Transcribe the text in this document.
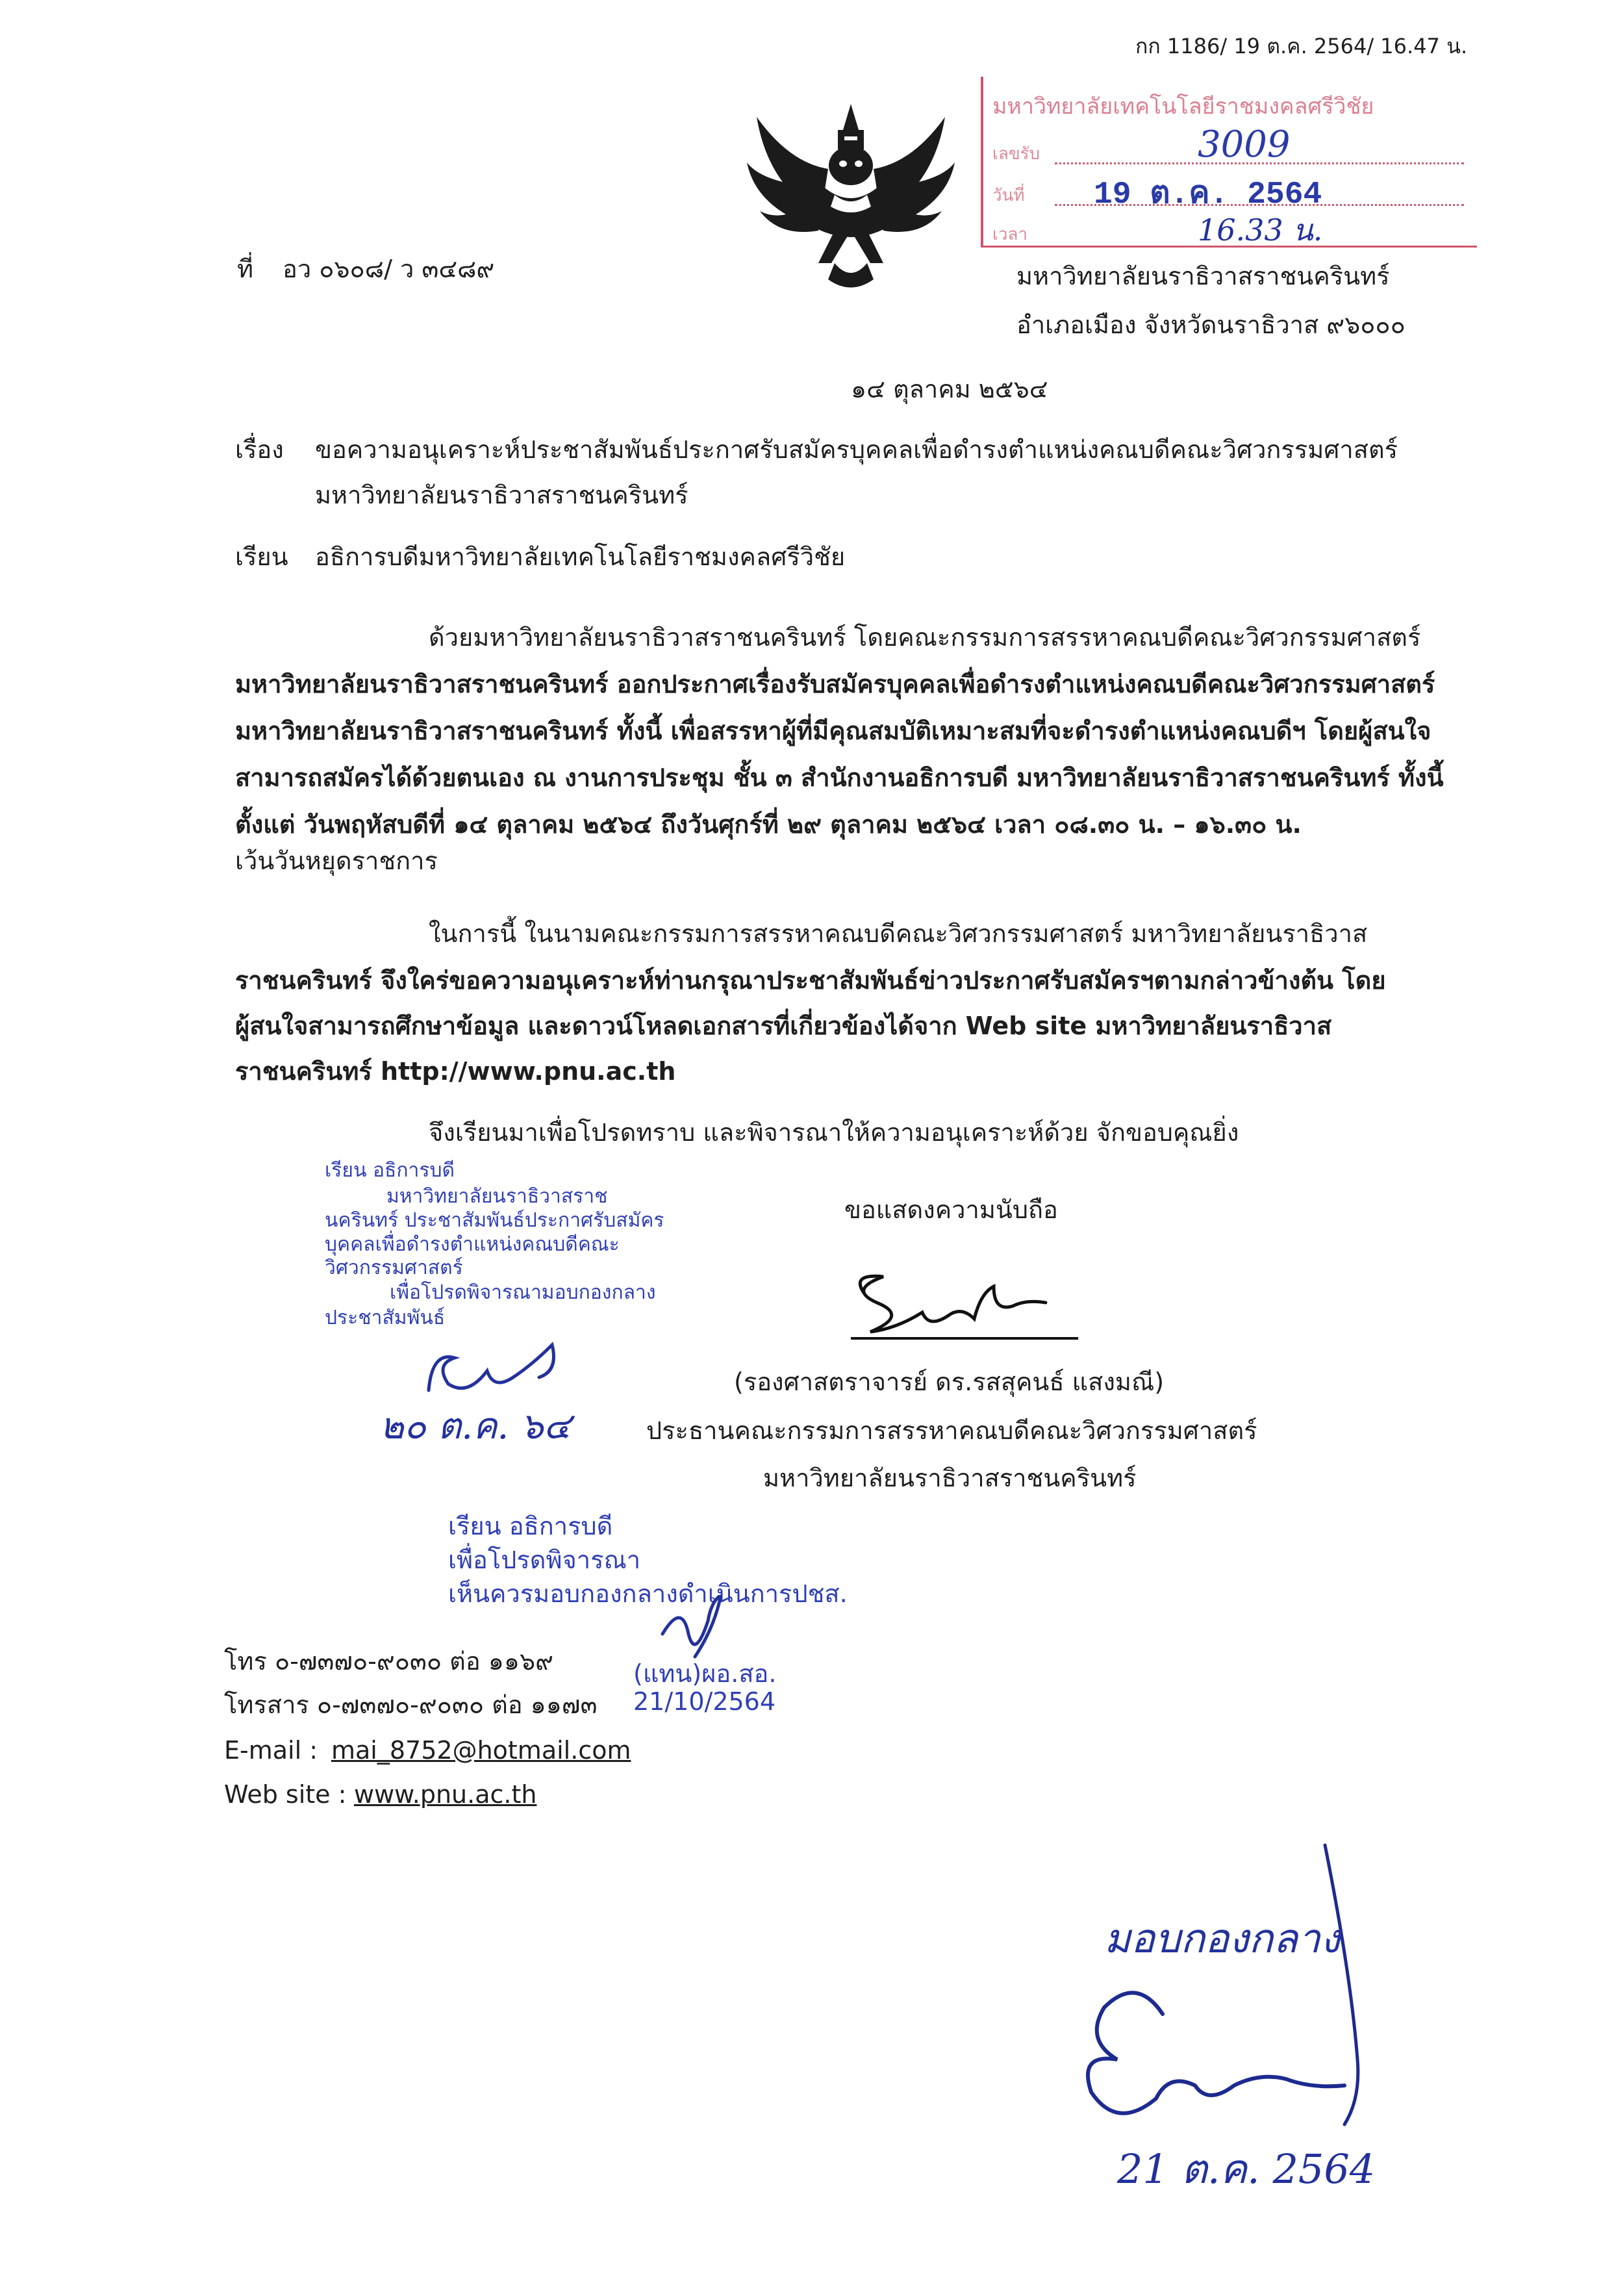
กก 1186/ 19 ต.ค. 2564/ 16.47 น.
มหาวิทยาลัยเทคโนโลยีราชมงคลศรีวิชัย
เลขรับ
วันที่
เวลา
3009
19 ต.ค. 2564
16.33 น.
ที่ อว ๐๖๐๘/ ว ๓๔๘๙	มหาวิทยาลัยนราธิวาสราชนครินทร์
อำเภอเมือง จังหวัดนราธิวาส ๙๖๐๐๐
๑๔ ตุลาคม ๒๕๖๔
เรื่อง ขอความอนุเคราะห์ประชาสัมพันธ์ประกาศรับสมัครบุคคลเพื่อดำรงตำแหน่งคณบดีคณะวิศวกรรมศาสตร์
มหาวิทยาลัยนราธิวาสราชนครินทร์
เรียน อธิการบดีมหาวิทยาลัยเทคโนโลยีราชมงคลศรีวิชัย
ด้วยมหาวิทยาลัยนราธิวาสราชนครินทร์ โดยคณะกรรมการสรรหาคณบดีคณะวิศวกรรมศาสตร์
มหาวิทยาลัยนราธิวาสราชนครินทร์ ออกประกาศเรื่องรับสมัครบุคคลเพื่อดำรงตำแหน่งคณบดีคณะวิศวกรรมศาสตร์
มหาวิทยาลัยนราธิวาสราชนครินทร์ ทั้งนี้ เพื่อสรรหาผู้ที่มีคุณสมบัติเหมาะสมที่จะดำรงตำแหน่งคณบดีฯ โดยผู้สนใจ
สามารถสมัครได้ด้วยตนเอง ณ งานการประชุม ชั้น ๓ สำนักงานอธิการบดี มหาวิทยาลัยนราธิวาสราชนครินทร์ ทั้งนี้
ตั้งแต่ วันพฤหัสบดีที่ ๑๔ ตุลาคม ๒๕๖๔ ถึงวันศุกร์ที่ ๒๙ ตุลาคม ๒๕๖๔ เวลา ๐๘.๓๐ น. – ๑๖.๓๐ น.
เว้นวันหยุดราชการ
ในการนี้ ในนามคณะกรรมการสรรหาคณบดีคณะวิศวกรรมศาสตร์ มหาวิทยาลัยนราธิวาส
ราชนครินทร์ จึงใคร่ขอความอนุเคราะห์ท่านกรุณาประชาสัมพันธ์ข่าวประกาศรับสมัครฯตามกล่าวข้างต้น โดย
ผู้สนใจสามารถศึกษาข้อมูล และดาวน์โหลดเอกสารที่เกี่ยวข้องได้จาก Web site มหาวิทยาลัยนราธิวาส
ราชนครินทร์ http://www.pnu.ac.th
จึงเรียนมาเพื่อโปรดทราบ และพิจารณาให้ความอนุเคราะห์ด้วย จักขอบคุณยิ่ง
ขอแสดงความนับถือ
(รองศาสตราจารย์ ดร.รสสุคนธ์ แสงมณี)
ประธานคณะกรรมการสรรหาคณบดีคณะวิศวกรรมศาสตร์
มหาวิทยาลัยนราธิวาสราชนครินทร์
เรียน อธิการบดี
มหาวิทยาลัยนราธิวาสราช
นครินทร์ ประชาสัมพันธ์ประกาศรับสมัคร
บุคคลเพื่อดำรงตำแหน่งคณบดีคณะ
วิศวกรรมศาสตร์
เพื่อโปรดพิจารณามอบกองกลาง
ประชาสัมพันธ์
๒๐ ต.ค. ๖๔
เรียน อธิการบดี
เพื่อโปรดพิจารณา
เห็นควรมอบกองกลางดำเนินการปชส.
(แทน)ผอ.สอ.
21/10/2564
โทร ๐-๗๓๗๐-๙๐๓๐ ต่อ ๑๑๖๙
โทรสาร ๐-๗๓๗๐-๙๐๓๐ ต่อ ๑๑๗๓
E-mail : mai_8752@hotmail.com
Web site : www.pnu.ac.th
มอบกองกลาง
21 ต.ค. 2564
